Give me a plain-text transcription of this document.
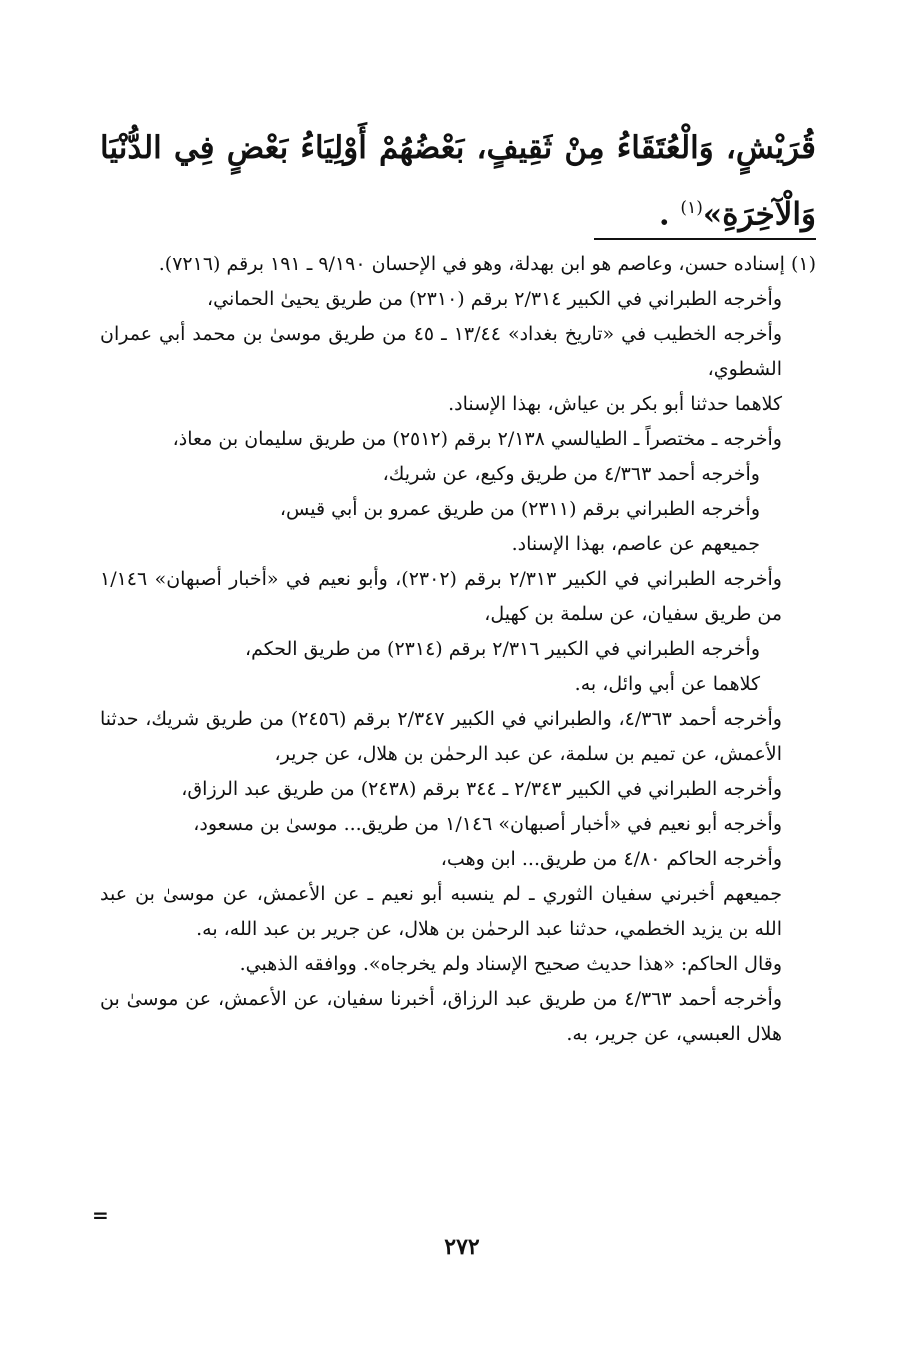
قُرَيْشٍ، وَالْعُتَقَاءُ مِنْ ثَقِيفٍ، بَعْضُهُمْ أَوْلِيَاءُ بَعْضٍ فِي الدُّنْيَا وَالْآخِرَةِ»$^{(١)}$ .

(١) إسناده حسن، وعاصم هو ابن بهدلة، وهو في الإحسان ٩/١٩٠ ـ ١٩١ برقم (٧٢١٦).

وأخرجه الطبراني في الكبير ٢/٣١٤ برقم (٢٣١٠) من طريق يحيىٰ الحماني،

وأخرجه الخطيب في «تاريخ بغداد» ١٣/٤٤ ـ ٤٥ من طريق موسىٰ بن محمد أبي عمران الشطوي،

كلاهما حدثنا أبو بكر بن عياش، بهذا الإسناد.

وأخرجه ـ مختصراً ـ الطيالسي ٢/١٣٨ برقم (٢٥١٢) من طريق سليمان بن معاذ،

وأخرجه أحمد ٤/٣٦٣ من طريق وكيع، عن شريك،

وأخرجه الطبراني برقم (٢٣١١) من طريق عمرو بن أبي قيس،

جميعهم عن عاصم، بهذا الإسناد.

وأخرجه الطبراني في الكبير ٢/٣١٣ برقم (٢٣٠٢)، وأبو نعيم في «أخبار أصبهان» ١/١٤٦ من طريق سفيان، عن سلمة بن كهيل،

وأخرجه الطبراني في الكبير ٢/٣١٦ برقم (٢٣١٤) من طريق الحكم،

كلاهما عن أبي وائل، به.

وأخرجه أحمد ٤/٣٦٣، والطبراني في الكبير ٢/٣٤٧ برقم (٢٤٥٦) من طريق شريك، حدثنا الأعمش، عن تميم بن سلمة، عن عبد الرحمٰن بن هلال، عن جرير،

وأخرجه الطبراني في الكبير ٢/٣٤٣ ـ ٣٤٤ برقم (٢٤٣٨) من طريق عبد الرزاق،

وأخرجه أبو نعيم في «أخبار أصبهان» ١/١٤٦ من طريق... موسىٰ بن مسعود،

وأخرجه الحاكم ٤/٨٠ من طريق... ابن وهب،

جميعهم أخبرني سفيان الثوري ـ لم ينسبه أبو نعيم ـ عن الأعمش، عن موسىٰ بن عبد الله بن يزيد الخطمي، حدثنا عبد الرحمٰن بن هلال، عن جرير بن عبد الله، به.

وقال الحاكم: «هذا حديث صحيح الإسناد ولم يخرجاه». ووافقه الذهبي.

وأخرجه أحمد ٤/٣٦٣ من طريق عبد الرزاق، أخبرنا سفيان، عن الأعمش، عن موسىٰ بن هلال العبسي، عن جرير، به.

=
٢٧٢
